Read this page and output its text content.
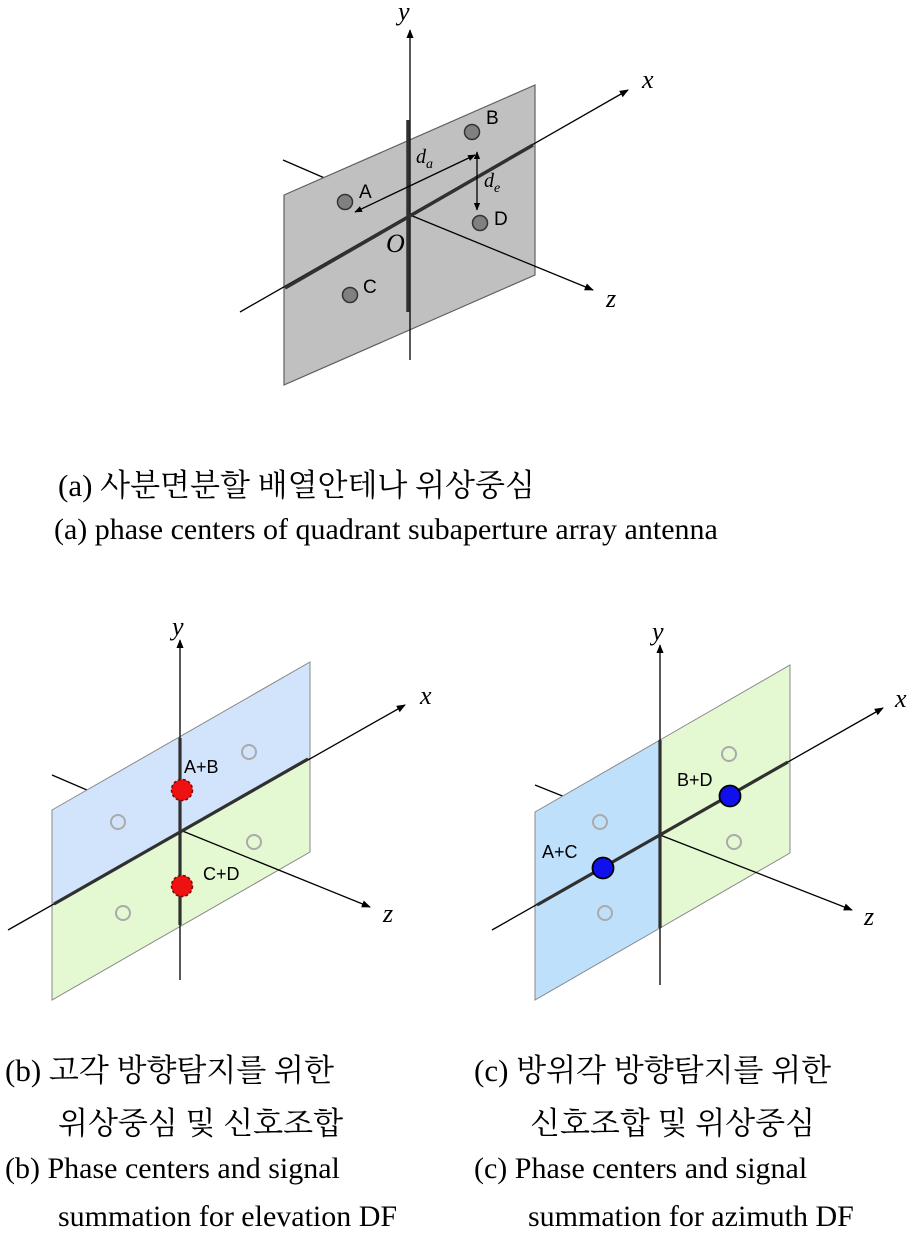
y
x
z
O
B
A
D
C
$d_a$
$d_e$
y
x
z
A+B
C+D
y
x
z
B+D
A+C
(a) 사분면분할 배열안테나 위상중심
(a) phase centers of quadrant subaperture array antenna
(b) 고각 방향탐지를 위한
위상중심 및 신호조합
(b) Phase centers and signal
summation for elevation DF
(c) 방위각 방향탐지를 위한
신호조합 및 위상중심
(c) Phase centers and signal
summation for azimuth DF
